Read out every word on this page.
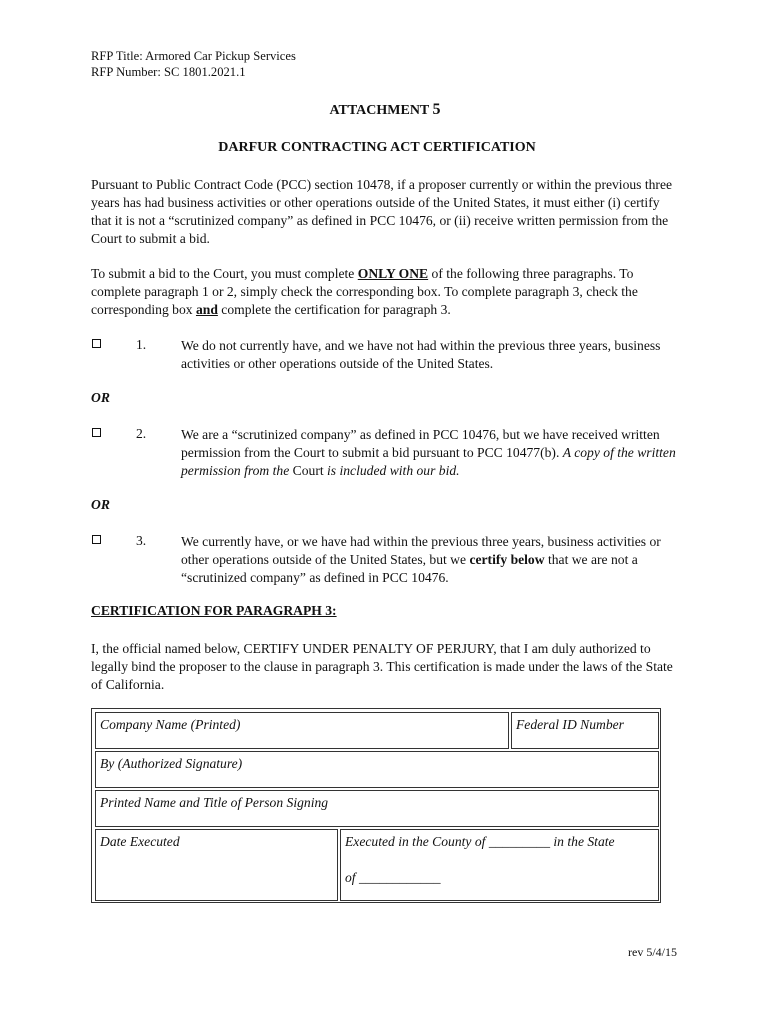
RFP Title: Armored Car Pickup Services
RFP Number: SC 1801.2021.1
ATTACHMENT 5
DARFUR CONTRACTING ACT CERTIFICATION
Pursuant to Public Contract Code (PCC) section 10478, if a proposer currently or within the previous three years has had business activities or other operations outside of the United States, it must either (i) certify that it is not a “scrutinized company” as defined in PCC 10476, or (ii) receive written permission from the Court to submit a bid.
To submit a bid to the Court, you must complete ONLY ONE of the following three paragraphs. To complete paragraph 1 or 2, simply check the corresponding box. To complete paragraph 3, check the corresponding box and complete the certification for paragraph 3.
1.	We do not currently have, and we have not had within the previous three years, business activities or other operations outside of the United States.
OR
2.	We are a “scrutinized company” as defined in PCC 10476, but we have received written permission from the Court to submit a bid pursuant to PCC 10477(b). A copy of the written permission from the Court is included with our bid.
OR
3.	We currently have, or we have had within the previous three years, business activities or other operations outside of the United States, but we certify below that we are not a “scrutinized company” as defined in PCC 10476.
CERTIFICATION FOR PARAGRAPH 3:
I, the official named below, CERTIFY UNDER PENALTY OF PERJURY, that I am duly authorized to legally bind the proposer to the clause in paragraph 3. This certification is made under the laws of the State of California.
Company Name (Printed)	Federal ID Number
By (Authorized Signature)
Printed Name and Title of Person Signing
Date Executed	Executed in the County of _________ in the State
of ____________
rev 5/4/15
